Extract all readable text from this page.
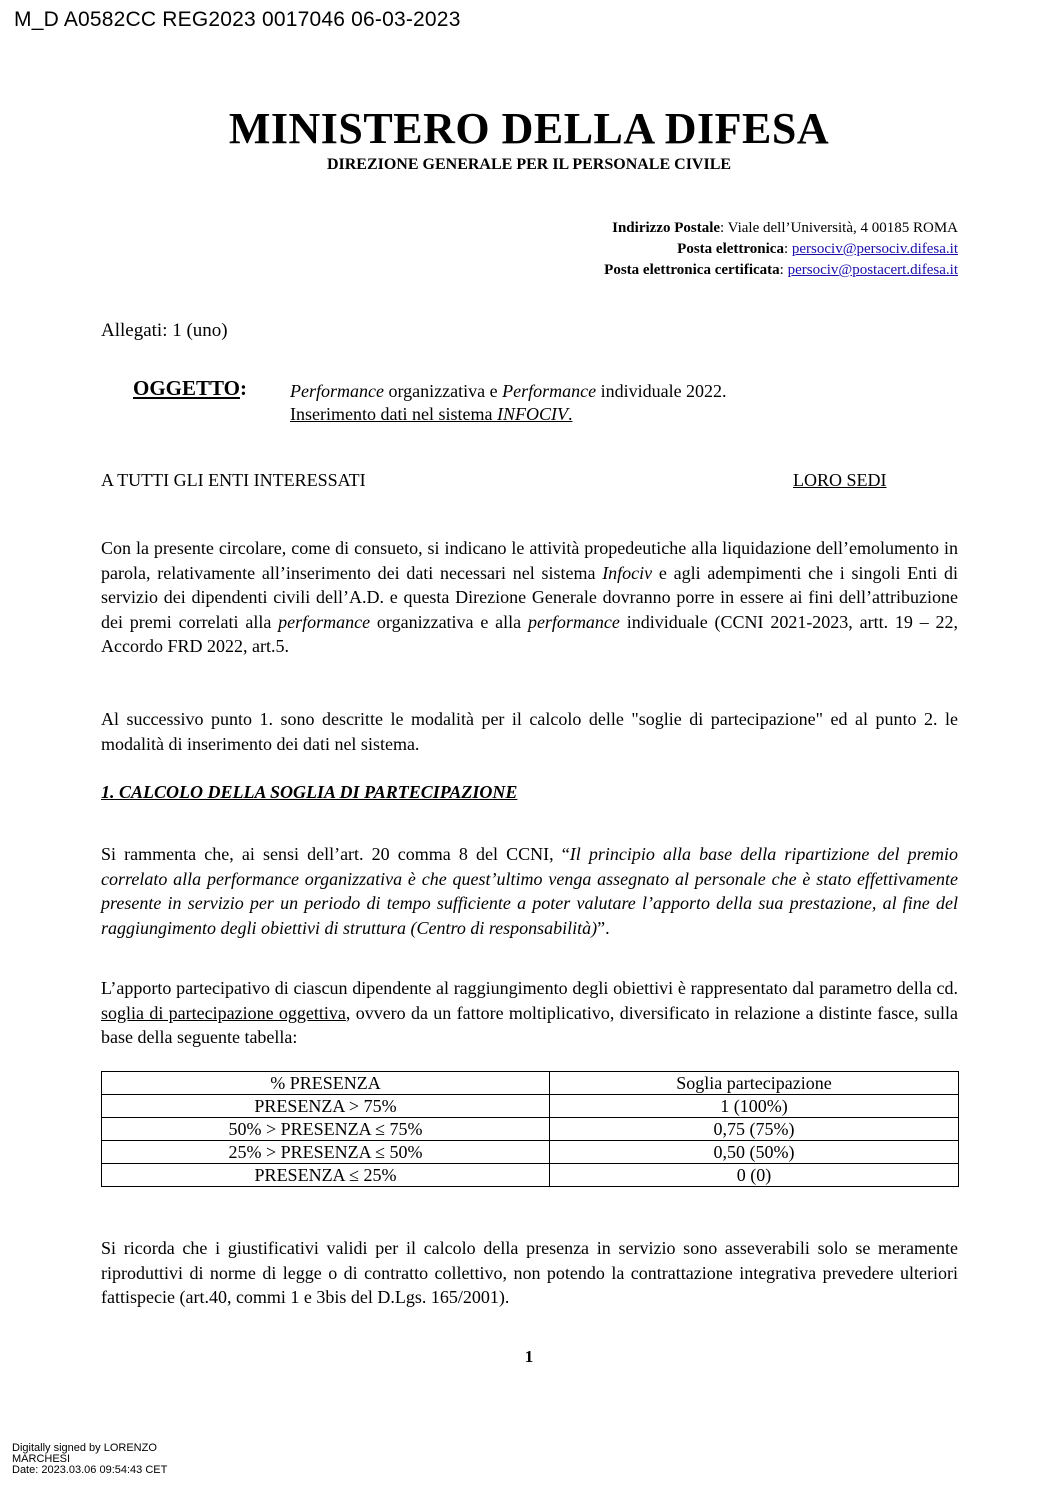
M_D A0582CC REG2023 0017046 06-03-2023
MINISTERO DELLA DIFESA
DIREZIONE GENERALE PER IL PERSONALE CIVILE
Indirizzo Postale: Viale dell’Università, 4 00185 ROMA
Posta elettronica: persociv@persociv.difesa.it
Posta elettronica certificata: persociv@postacert.difesa.it
Allegati: 1 (uno)
OGGETTO: Performance organizzativa e Performance individuale 2022.
Inserimento dati nel sistema INFOCIV.
A TUTTI GLI ENTI INTERESSATI	LORO SEDI
Con la presente circolare, come di consueto, si indicano le attività propedeutiche alla liquidazione dell’emolumento in parola, relativamente all’inserimento dei dati necessari nel sistema Infociv e agli adempimenti che i singoli Enti di servizio dei dipendenti civili dell’A.D. e questa Direzione Generale dovranno porre in essere ai fini dell’attribuzione dei premi correlati alla performance organizzativa e alla performance individuale (CCNI 2021-2023, artt. 19 – 22, Accordo FRD 2022, art.5.
Al successivo punto 1. sono descritte le modalità per il calcolo delle "soglie di partecipazione" ed al punto 2. le modalità di inserimento dei dati nel sistema.
1. CALCOLO DELLA SOGLIA DI PARTECIPAZIONE
Si rammenta che, ai sensi dell’art. 20 comma 8 del CCNI, “Il principio alla base della ripartizione del premio correlato alla performance organizzativa è che quest’ultimo venga assegnato al personale che è stato effettivamente presente in servizio per un periodo di tempo sufficiente a poter valutare l’apporto della sua prestazione, al fine del raggiungimento degli obiettivi di struttura (Centro di responsabilità)”.
L’apporto partecipativo di ciascun dipendente al raggiungimento degli obiettivi è rappresentato dal parametro della cd. soglia di partecipazione oggettiva, ovvero da un fattore moltiplicativo, diversificato in relazione a distinte fasce, sulla base della seguente tabella:
% PRESENZA	Soglia partecipazione
PRESENZA > 75%	1 (100%)
50% > PRESENZA ≤ 75%	0,75 (75%)
25% > PRESENZA ≤ 50%	0,50 (50%)
PRESENZA ≤ 25%	0 (0)
Si ricorda che i giustificativi validi per il calcolo della presenza in servizio sono asseverabili solo se meramente riproduttivi di norme di legge o di contratto collettivo, non potendo la contrattazione integrativa prevedere ulteriori fattispecie (art.40, commi 1 e 3bis del D.Lgs. 165/2001).
1
Digitally signed by LORENZO
MARCHESI
Date: 2023.03.06 09:54:43 CET
